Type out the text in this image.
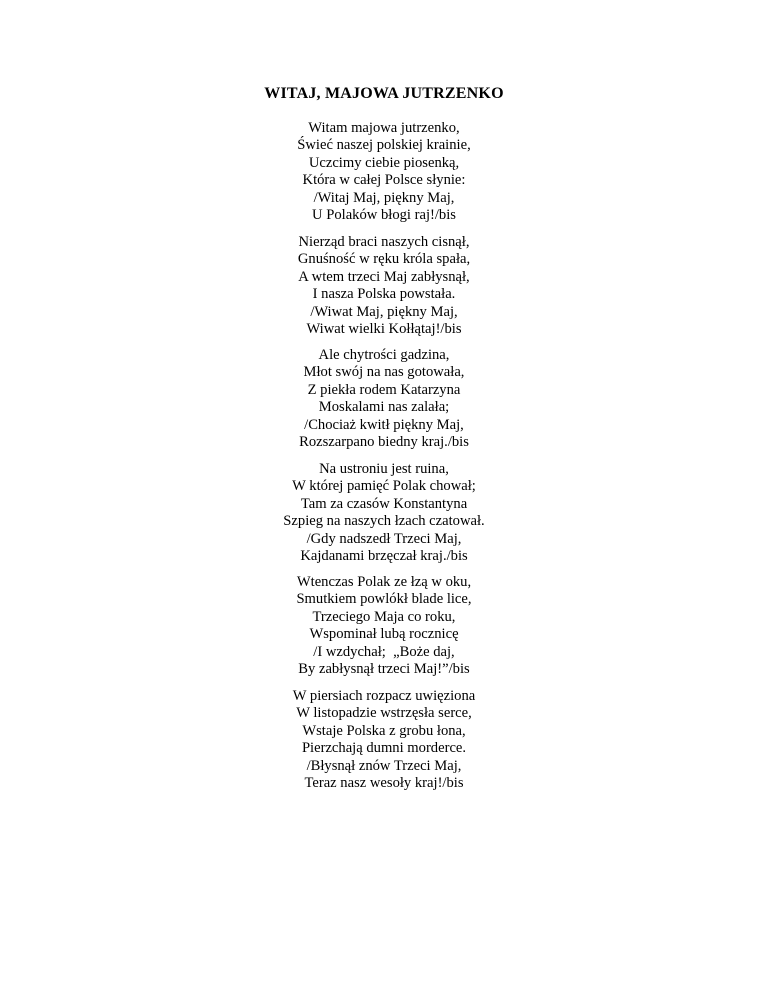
WITAJ, MAJOWA JUTRZENKO
Witam majowa jutrzenko,
Świeć naszej polskiej krainie,
Uczcimy ciebie piosenką,
Która w całej Polsce słynie:
/Witaj Maj, piękny Maj,
U Polaków błogi raj!/bis
Nierząd braci naszych cisnął,
Gnuśność w ręku króla spała,
A wtem trzeci Maj zabłysnął,
I nasza Polska powstała.
/Wiwat Maj, piękny Maj,
Wiwat wielki Kołłątaj!/bis
Ale chytrości gadzina,
Młot swój na nas gotowała,
Z piekła rodem Katarzyna
Moskalami nas zalała;
/Chociaż kwitł piękny Maj,
Rozszarpano biedny kraj./bis
Na ustroniu jest ruina,
W której pamięć Polak chował;
Tam za czasów Konstantyna
Szpieg na naszych łzach czatował.
/Gdy nadszedł Trzeci Maj,
Kajdanami brzęczał kraj./bis
Wtenczas Polak ze łzą w oku,
Smutkiem powlókł blade lice,
Trzeciego Maja co roku,
Wspominał lubą rocznicę
/I wzdychał;  „Boże daj,
By zabłysnął trzeci Maj!”/bis
W piersiach rozpacz uwięziona
W listopadzie wstrzęsła serce,
Wstaje Polska z grobu łona,
Pierzchają dumni morderce.
/Błysnął znów Trzeci Maj,
Teraz nasz wesoły kraj!/bis
